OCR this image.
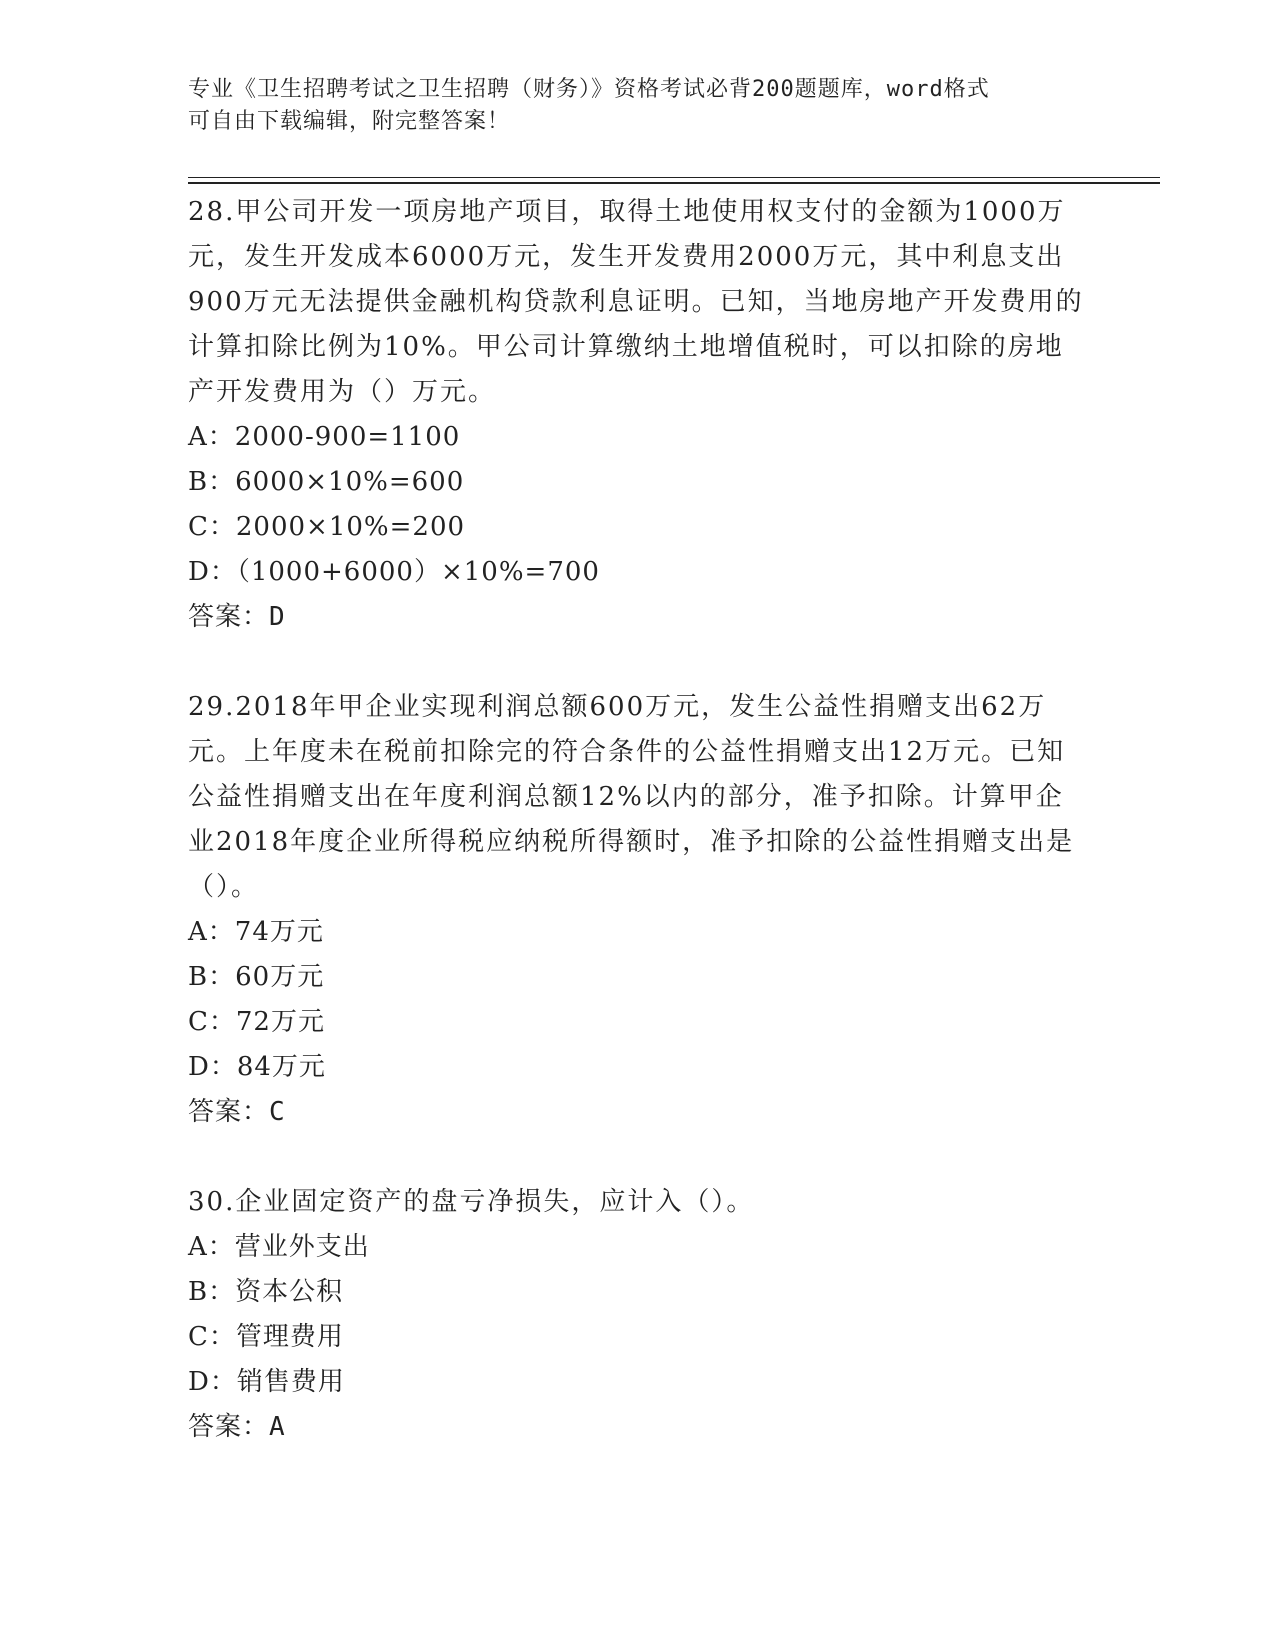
专业《卫生招聘考试之卫生招聘（财务）》资格考试必背200题题库，word格式
可自由下载编辑，附完整答案！
28.甲公司开发一项房地产项目，取得土地使用权支付的金额为1000万元，发生开发成本6000万元，发生开发费用2000万元，其中利息支出900万元无法提供金融机构贷款利息证明。已知，当地房地产开发费用的计算扣除比例为10%。甲公司计算缴纳土地增值税时，可以扣除的房地产开发费用为（）万元。
A：2000-900=1100
B：6000×10%=600
C：2000×10%=200
D：（1000+6000）×10%=700
答案：D
29.2018年甲企业实现利润总额600万元，发生公益性捐赠支出62万元。上年度未在税前扣除完的符合条件的公益性捐赠支出12万元。已知公益性捐赠支出在年度利润总额12%以内的部分，准予扣除。计算甲企业2018年度企业所得税应纳税所得额时，准予扣除的公益性捐赠支出是（）。
A：74万元
B：60万元
C：72万元
D：84万元
答案：C
30.企业固定资产的盘亏净损失，应计入（）。
A：营业外支出
B：资本公积
C：管理费用
D：销售费用
答案：A
